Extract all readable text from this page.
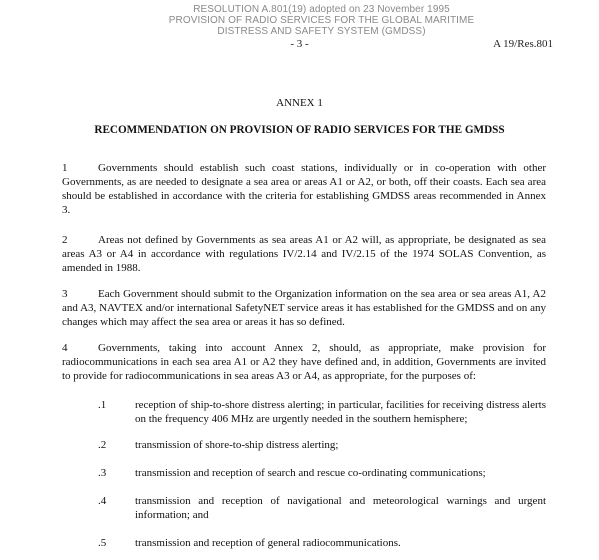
RESOLUTION A.801(19) adopted on 23 November 1995
PROVISION OF RADIO SERVICES FOR THE GLOBAL MARITIME
DISTRESS AND SAFETY SYSTEM (GMDSS)
- 3 -	A 19/Res.801
ANNEX 1
RECOMMENDATION ON PROVISION OF RADIO SERVICES FOR THE GMDSS
1	Governments should establish such coast stations, individually or in co-operation with other Governments, as are needed to designate a sea area or areas A1 or A2, or both, off their coasts. Each sea area should be established in accordance with the criteria for establishing GMDSS areas recommended in Annex 3.
2	Areas not defined by Governments as sea areas A1 or A2 will, as appropriate, be designated as sea areas A3 or A4 in accordance with regulations IV/2.14 and IV/2.15 of the 1974 SOLAS Convention, as amended in 1988.
3	Each Government should submit to the Organization information on the sea area or sea areas A1, A2 and A3, NAVTEX and/or international SafetyNET service areas it has established for the GMDSS and on any changes which may affect the sea area or areas it has so defined.
4	Governments, taking into account Annex 2, should, as appropriate, make provision for radiocommunications in each sea area A1 or A2 they have defined and, in addition, Governments are invited to provide for radiocommunications in sea areas A3 or A4, as appropriate, for the purposes of:
.1	reception of ship-to-shore distress alerting; in particular, facilities for receiving distress alerts on the frequency 406 MHz are urgently needed in the southern hemisphere;
.2	transmission of shore-to-ship distress alerting;
.3	transmission and reception of search and rescue co-ordinating communications;
.4	transmission and reception of navigational and meteorological warnings and urgent information; and
.5	transmission and reception of general radiocommunications.
